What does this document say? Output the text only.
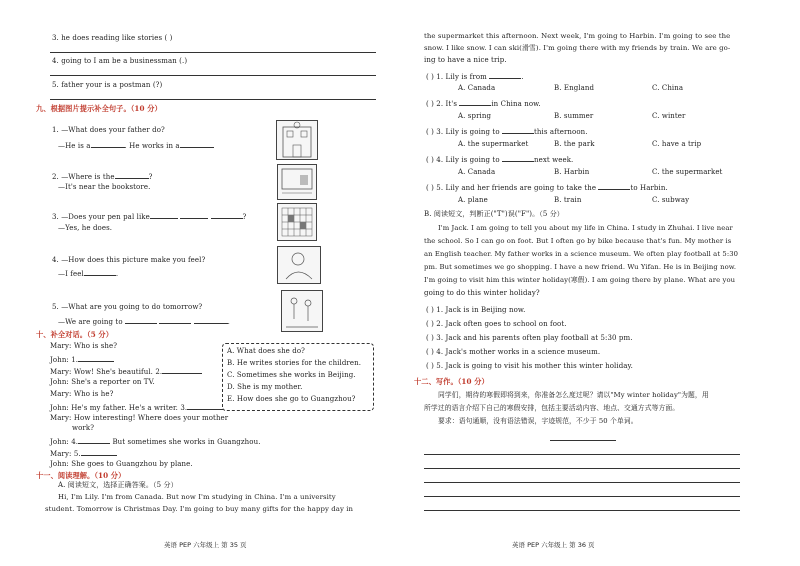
3. he does reading like stories ( )
4. going to I am be a businessman (.)
5. father your is a postman (?)
九、根据图片提示补全句子。（10 分）
1. —What does your father do?
—He is a	. He works in a
2. —Where is the	?
—It's near the bookstore.
3. —Does your pen pal like	?
—Yes, he does.
4. —How does this picture make you feel?
—I feel	.
5. —What are you going to do tomorrow?
—We are going to	.
十、补全对话。（5 分）
Mary: Who is she?
John: 1.
Mary: Wow! She's beautiful. 2.
John: She's a reporter on TV.
Mary: Who is he?
John: He's my father. He's a writer. 3.
Mary: How interesting! Where does your mother
work?
John: 4.	But sometimes she works in Guangzhou.
Mary: 5.
John: She goes to Guangzhou by plane.
A. What does she do?
B. He writes stories for the children.
C. Sometimes she works in Beijing.
D. She is my mother.
E. How does she go to Guangzhou?
十一、阅读理解。（10 分）
A. 阅读短文，选择正确答案。（5 分）
Hi, I'm Lily. I'm from Canada. But now I'm studying in China. I'm a university
student. Tomorrow is Christmas Day. I'm going to buy many gifts for the happy day in
英语 PEP 六年级上 第 35 页
the supermarket this afternoon. Next week, I'm going to Harbin. I'm going to see the
snow. I like snow. I can ski(滑雪). I'm going there with my friends by train. We are go-
ing to have a nice trip.
( ) 1. Lily is from	.
A. Canada	B. England	C. China
( ) 2. It's	in China now.
A. spring	B. summer	C. winter
( ) 3. Lily is going to	this afternoon.
A. the supermarket	B. the park	C. have a trip
( ) 4. Lily is going to	next week.
A. Canada	B. Harbin	C. the supermarket
( ) 5. Lily and her friends are going to take the	to Harbin.
A. plane	B. train	C. subway
B. 阅读短文，判断正("T")误("F")。（5 分）
I'm Jack. I am going to tell you about my life in China. I study in Zhuhai. I live near
the school. So I can go on foot. But I often go by bike because that's fun. My mother is
an English teacher. My father works in a science museum. We often play football at 5:30
pm. But sometimes we go shopping. I have a new friend. Wu Yifan. He is in Beijing now.
I'm going to visit him this winter holiday(寒假). I am going there by plane. What are you
going to do this winter holiday?
( ) 1. Jack is in Beijing now.
( ) 2. Jack often goes to school on foot.
( ) 3. Jack and his parents often play football at 5:30 pm.
( ) 4. Jack's mother works in a science museum.
( ) 5. Jack is going to visit his mother this winter holiday.
十二、写作。（10 分）
同学们，期待的寒假即将到来，你准备怎么度过呢？请以"My winter holiday"为题，用
所学过的语言介绍下自己的寒假安排，包括主要活动内容、地点、交通方式等方面。
要求：语句通顺，没有语法错误，字迹规范，不少于 50 个单词。
英语 PEP 六年级上 第 36 页
